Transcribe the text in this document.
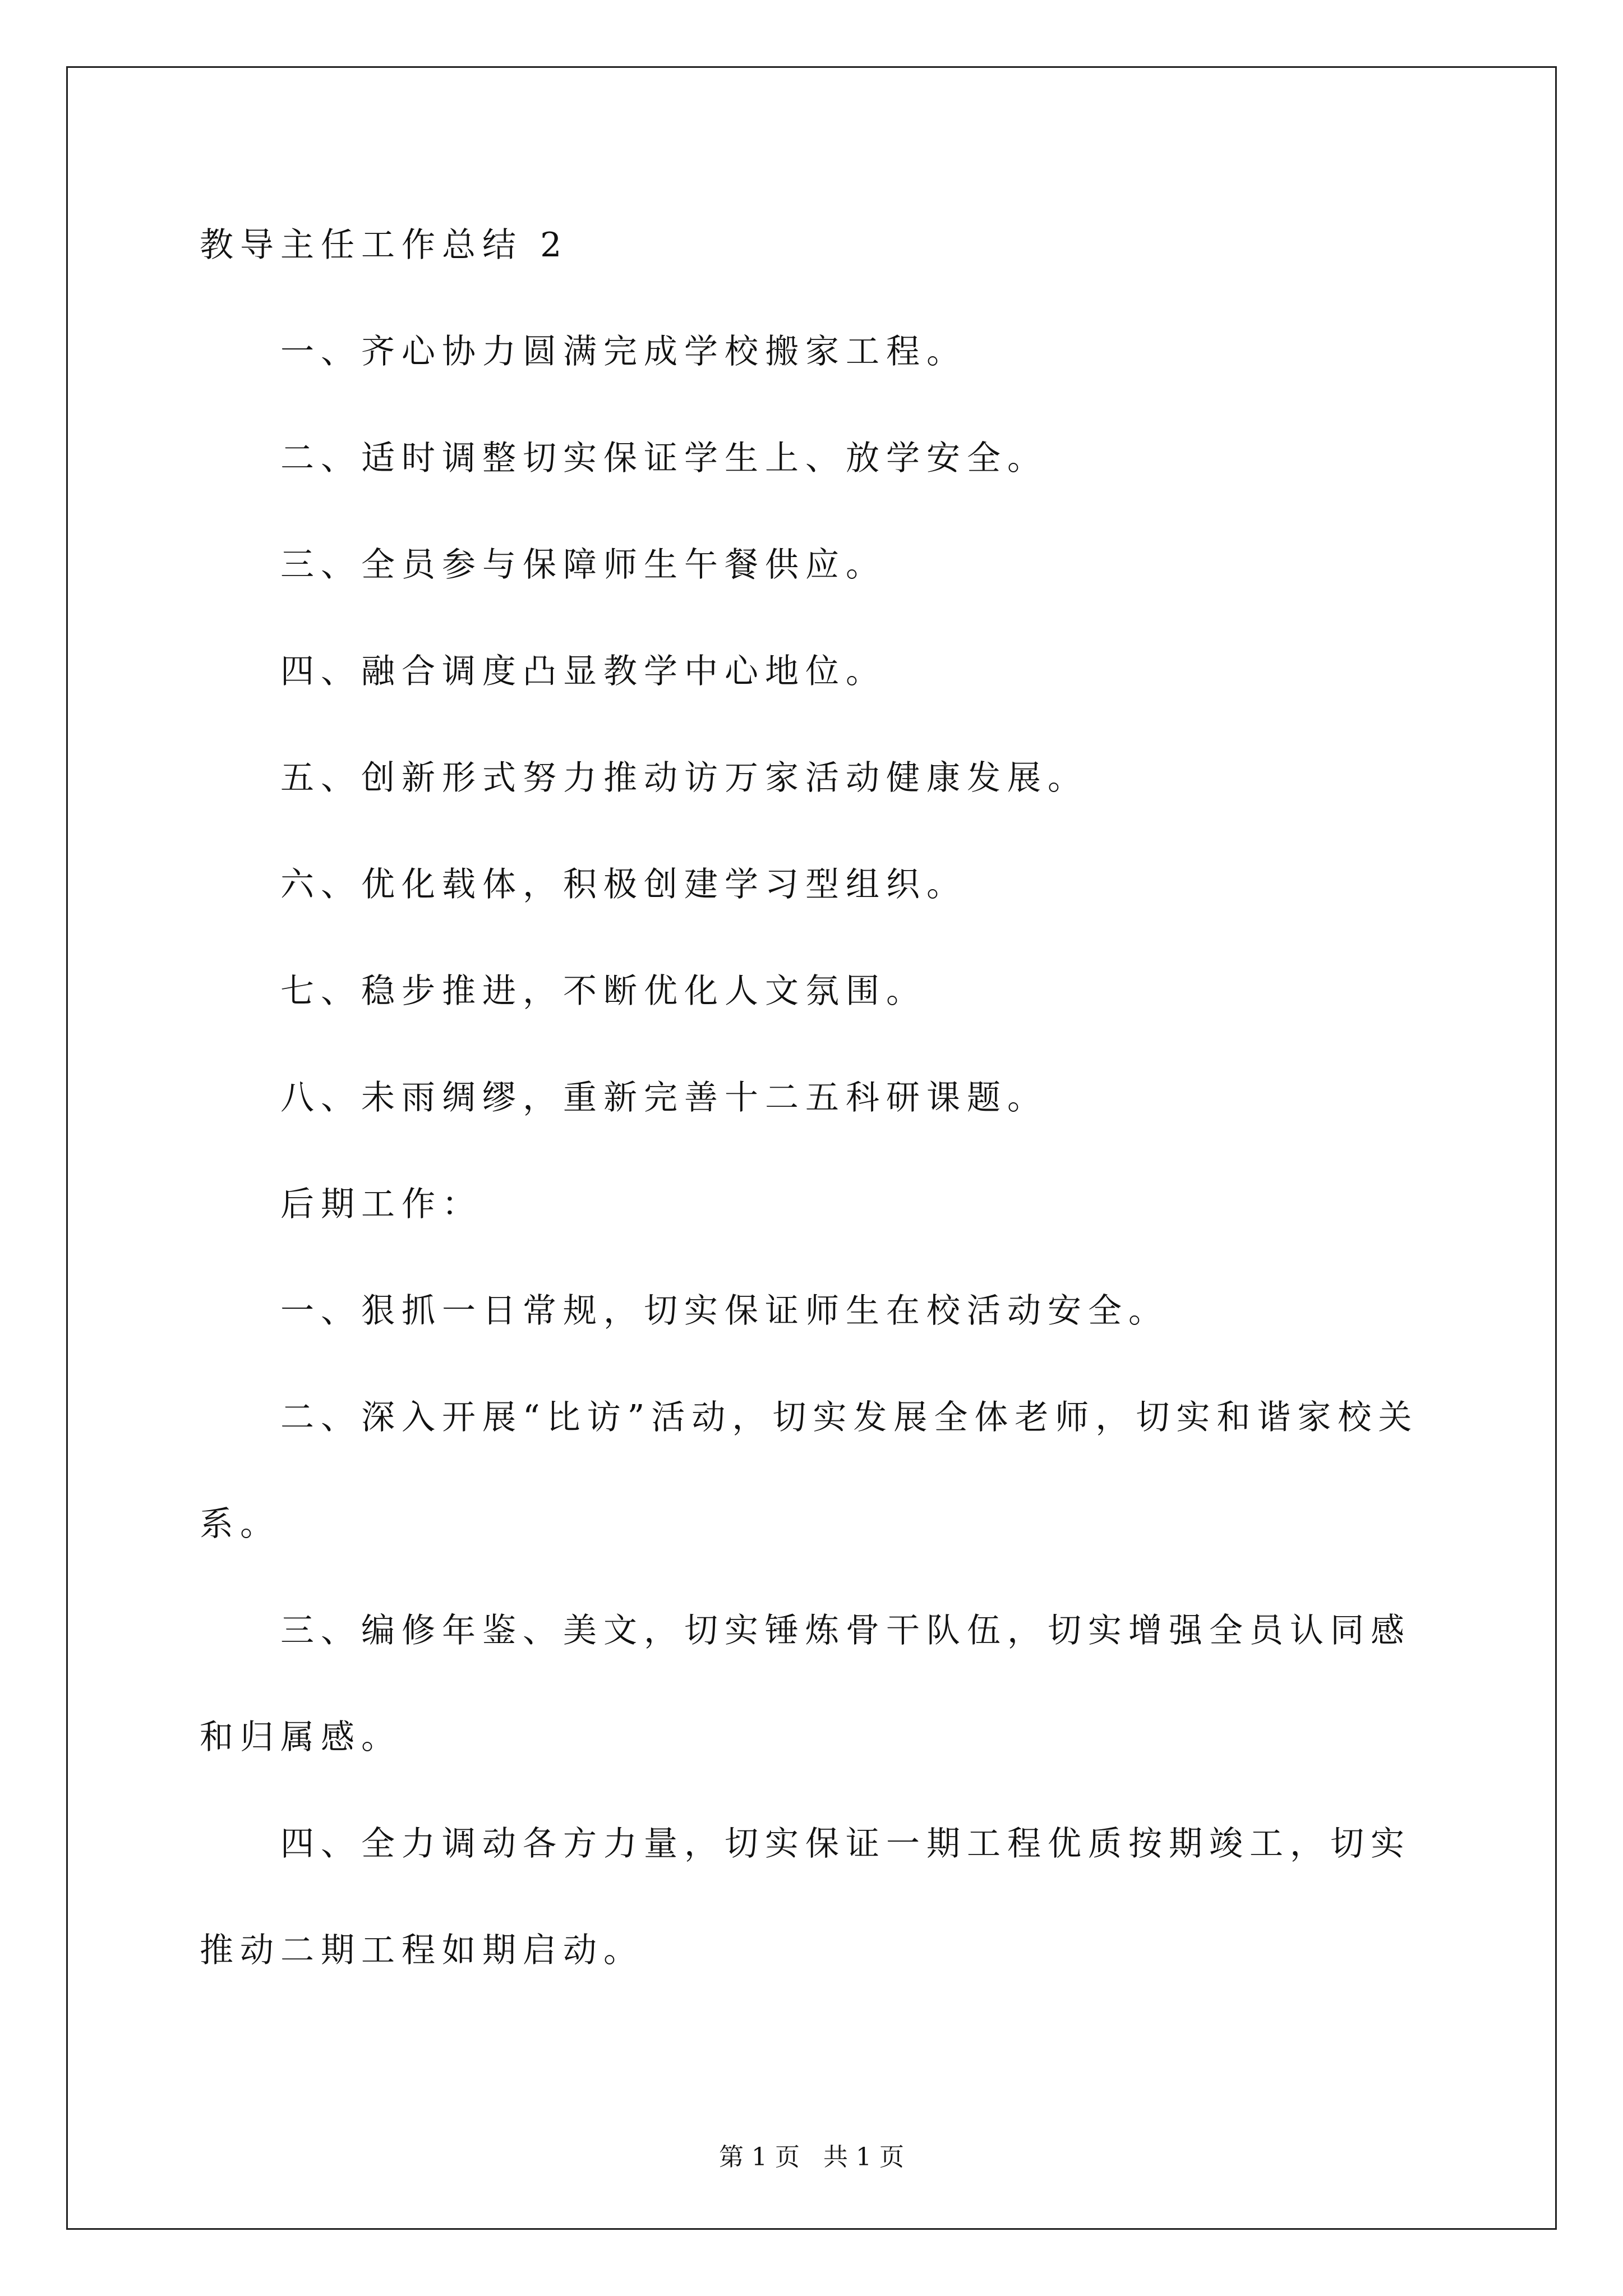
教导主任工作总结 2

一、齐心协力圆满完成学校搬家工程。

二、适时调整切实保证学生上、放学安全。

三、全员参与保障师生午餐供应。

四、融合调度凸显教学中心地位。

五、创新形式努力推动访万家活动健康发展。

六、优化载体，积极创建学习型组织。

七、稳步推进，不断优化人文氛围。

八、未雨绸缪，重新完善十二五科研课题。

后期工作：

一、狠抓一日常规，切实保证师生在校活动安全。

二、深入开展“比访”活动，切实发展全体老师，切实和谐家校关系。

三、编修年鉴、美文，切实锤炼骨干队伍，切实增强全员认同感和归属感。

四、全力调动各方力量，切实保证一期工程优质按期竣工，切实推动二期工程如期启动。

第 1 页   共 1 页
